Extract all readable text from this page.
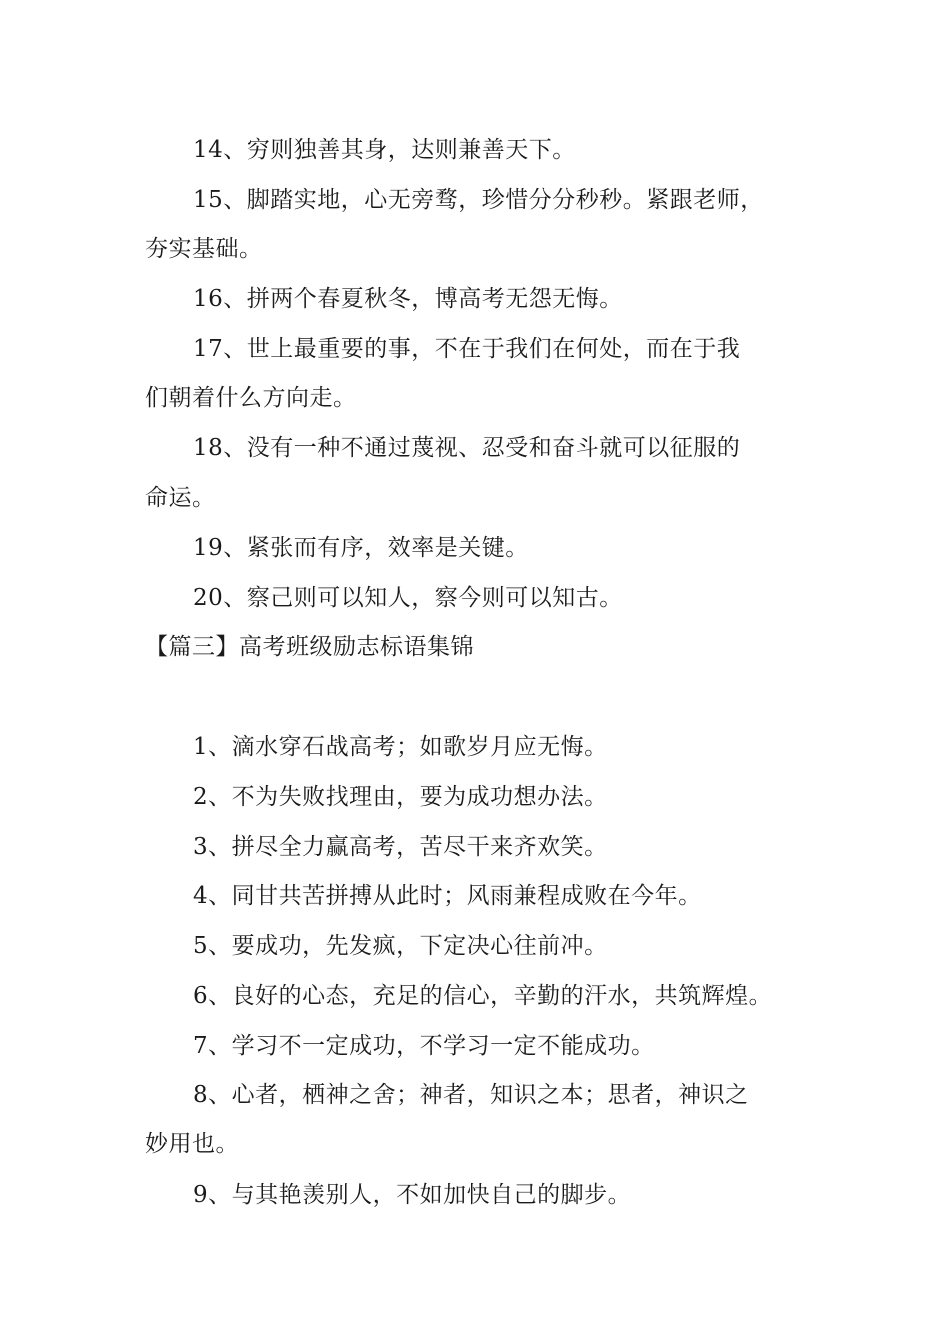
14、穷则独善其身，达则兼善天下。
15、脚踏实地，心无旁骛，珍惜分分秒秒。紧跟老师，
夯实基础。
16、拼两个春夏秋冬，博高考无怨无悔。
17、世上最重要的事，不在于我们在何处，而在于我
们朝着什么方向走。
18、没有一种不通过蔑视、忍受和奋斗就可以征服的
命运。
19、紧张而有序，效率是关键。
20、察己则可以知人，察今则可以知古。
【篇三】高考班级励志标语集锦
1、滴水穿石战高考；如歌岁月应无悔。
2、不为失败找理由，要为成功想办法。
3、拼尽全力赢高考，苦尽干来齐欢笑。
4、同甘共苦拼搏从此时；风雨兼程成败在今年。
5、要成功，先发疯，下定决心往前冲。
6、良好的心态，充足的信心，辛勤的汗水，共筑辉煌。
7、学习不一定成功，不学习一定不能成功。
8、心者，栖神之舍；神者，知识之本；思者，神识之
妙用也。
9、与其艳羡别人，不如加快自己的脚步。
